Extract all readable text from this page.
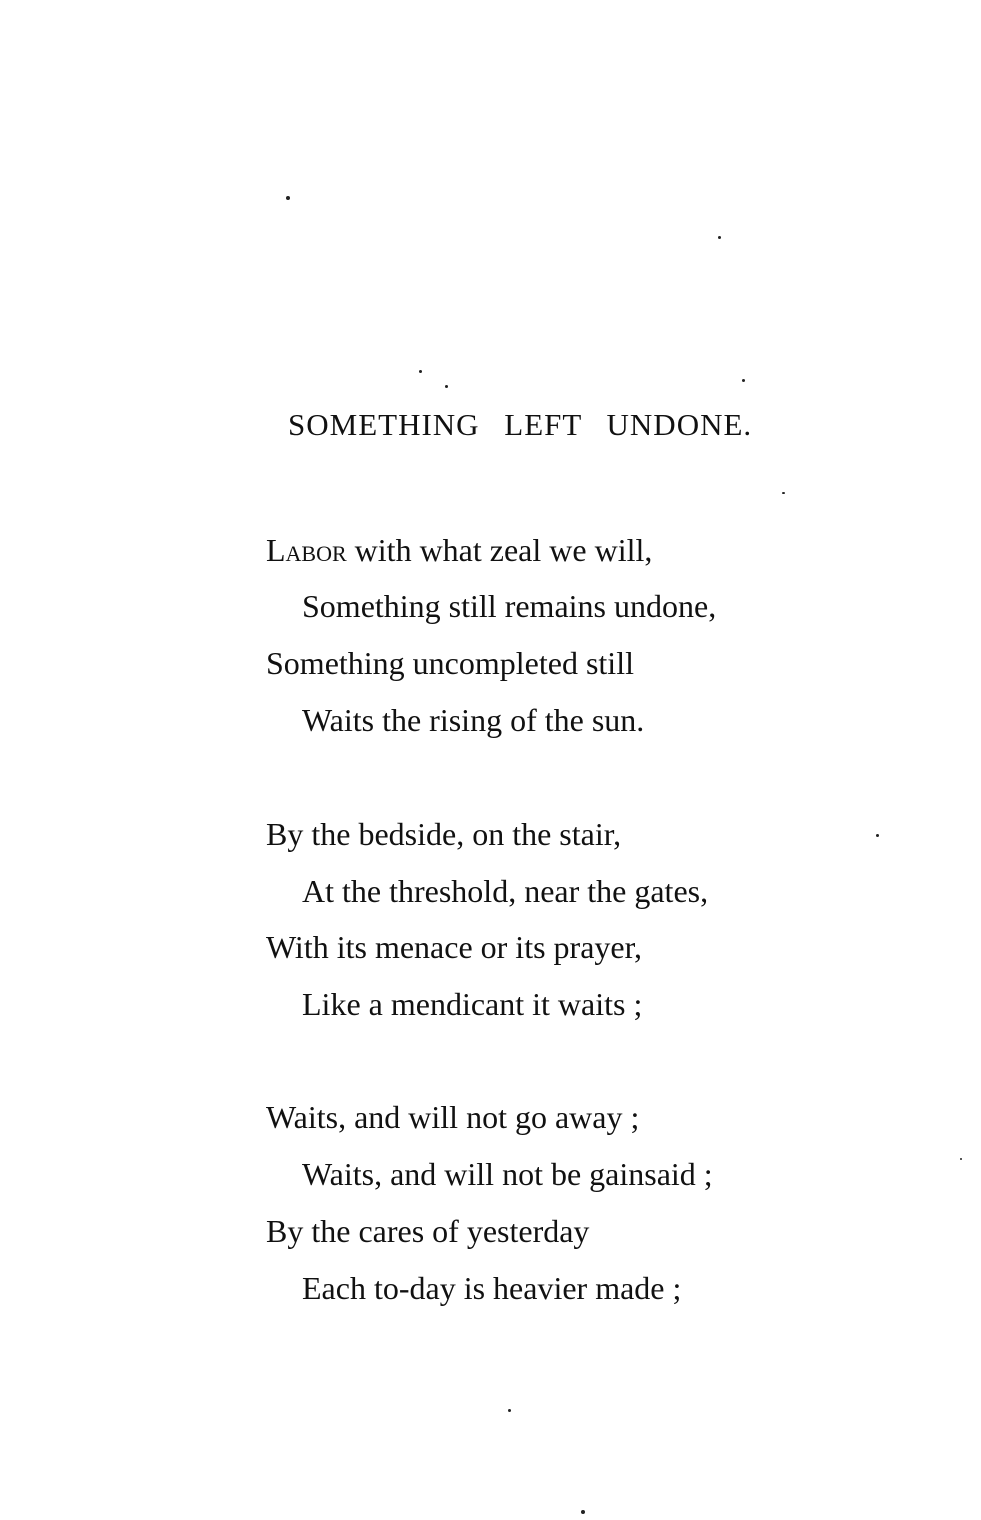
SOMETHING LEFT UNDONE.

Labor with what zeal we will,

Something still remains undone,

Something uncompleted still

Waits the rising of the sun.

By the bedside, on the stair,

At the threshold, near the gates,

With its menace or its prayer,

Like a mendicant it waits ;

Waits, and will not go away ;

Waits, and will not be gainsaid ;

By the cares of yesterday

Each to-day is heavier made ;
